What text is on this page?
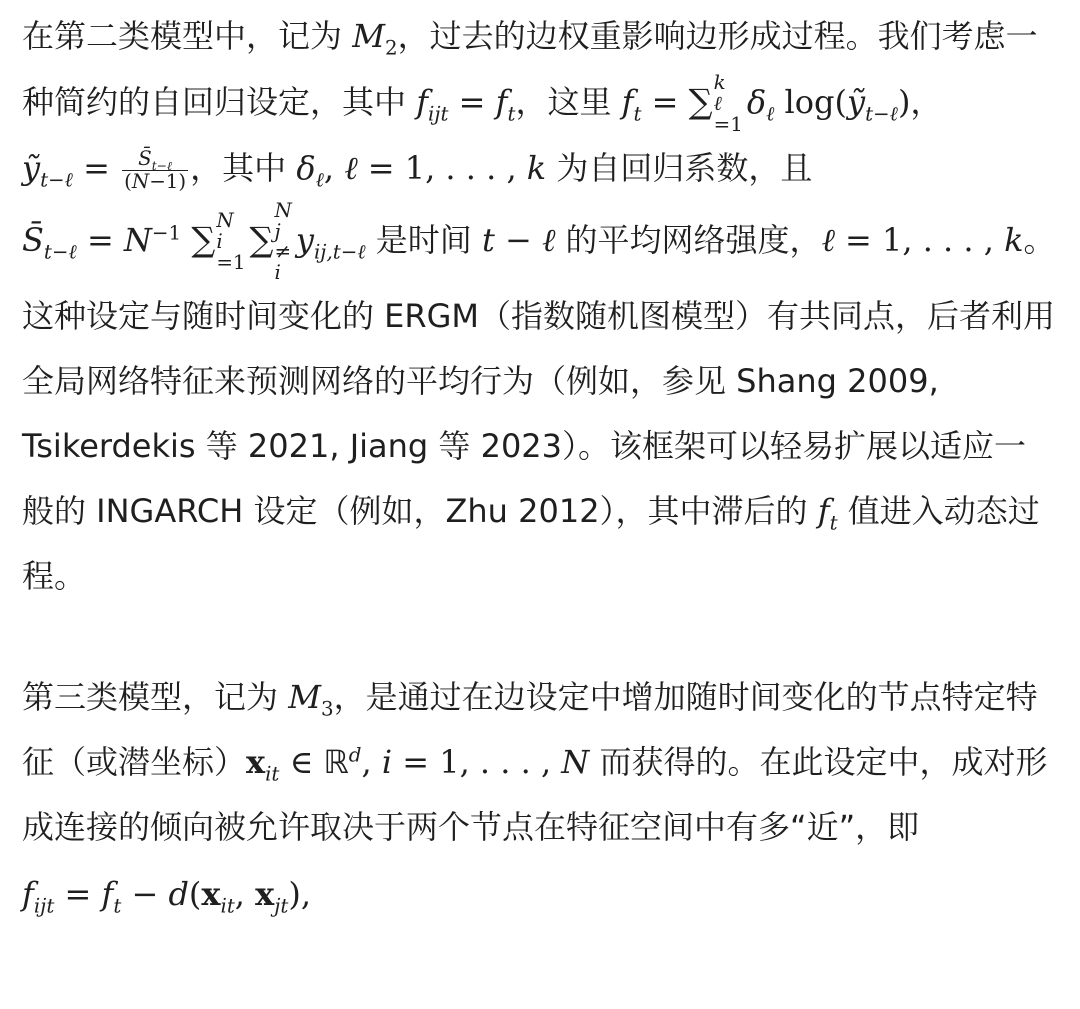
在第二类模型中，记为 $M_2$，过去的边权重影响边形成过程。我们考虑一种简约的自回归设定，其中 $f_{ijt} = f_t$，这里 $f_t$ = ∑ k
ℓ
=1
$\delta_\ell$ log(ỹ$_{t-\ell}$)，ỹ$_{t-\ell}$ = $\frac{S̄_{t-\ell}}{(N-1)}$ ，其中 $\delta_\ell$, ℓ = 1, . . . , k 为自回归系数，且 $S̄_{t-\ell} = N^{-1}$ ∑ N
i
=1
∑
N
j
≠
i
$y_{ij,t-\ell}$ 是时间 t − ℓ 的平均网络强度，ℓ = 1, . . . , k。这种设定与随时间变化的 ERGM（指数随机图模型）有共同点，后者利用全局网络特征来预测网络的平均行为（例如，参见 Shang 2009, Tsikerdekis 等 2021, Jiang 等 2023）。该框架可以轻易扩展以适应一般的 INGARCH 设定（例如，Zhu 2012），其中滞后的 $f_t$ 值进入动态过程。

第三类模型，记为 $M_3$，是通过在边设定中增加随时间变化的节点特定特征（或潜坐标）$x_{it}$ ∈ ℝ$^d$, i = 1, . . . , N 而获得的。在此设定中，成对形成连接的倾向被允许取决于两个节点在特征空间中有多“近”，即

$f_{ijt} = f_t - d(x_{it}$, $x_{jt}$),
